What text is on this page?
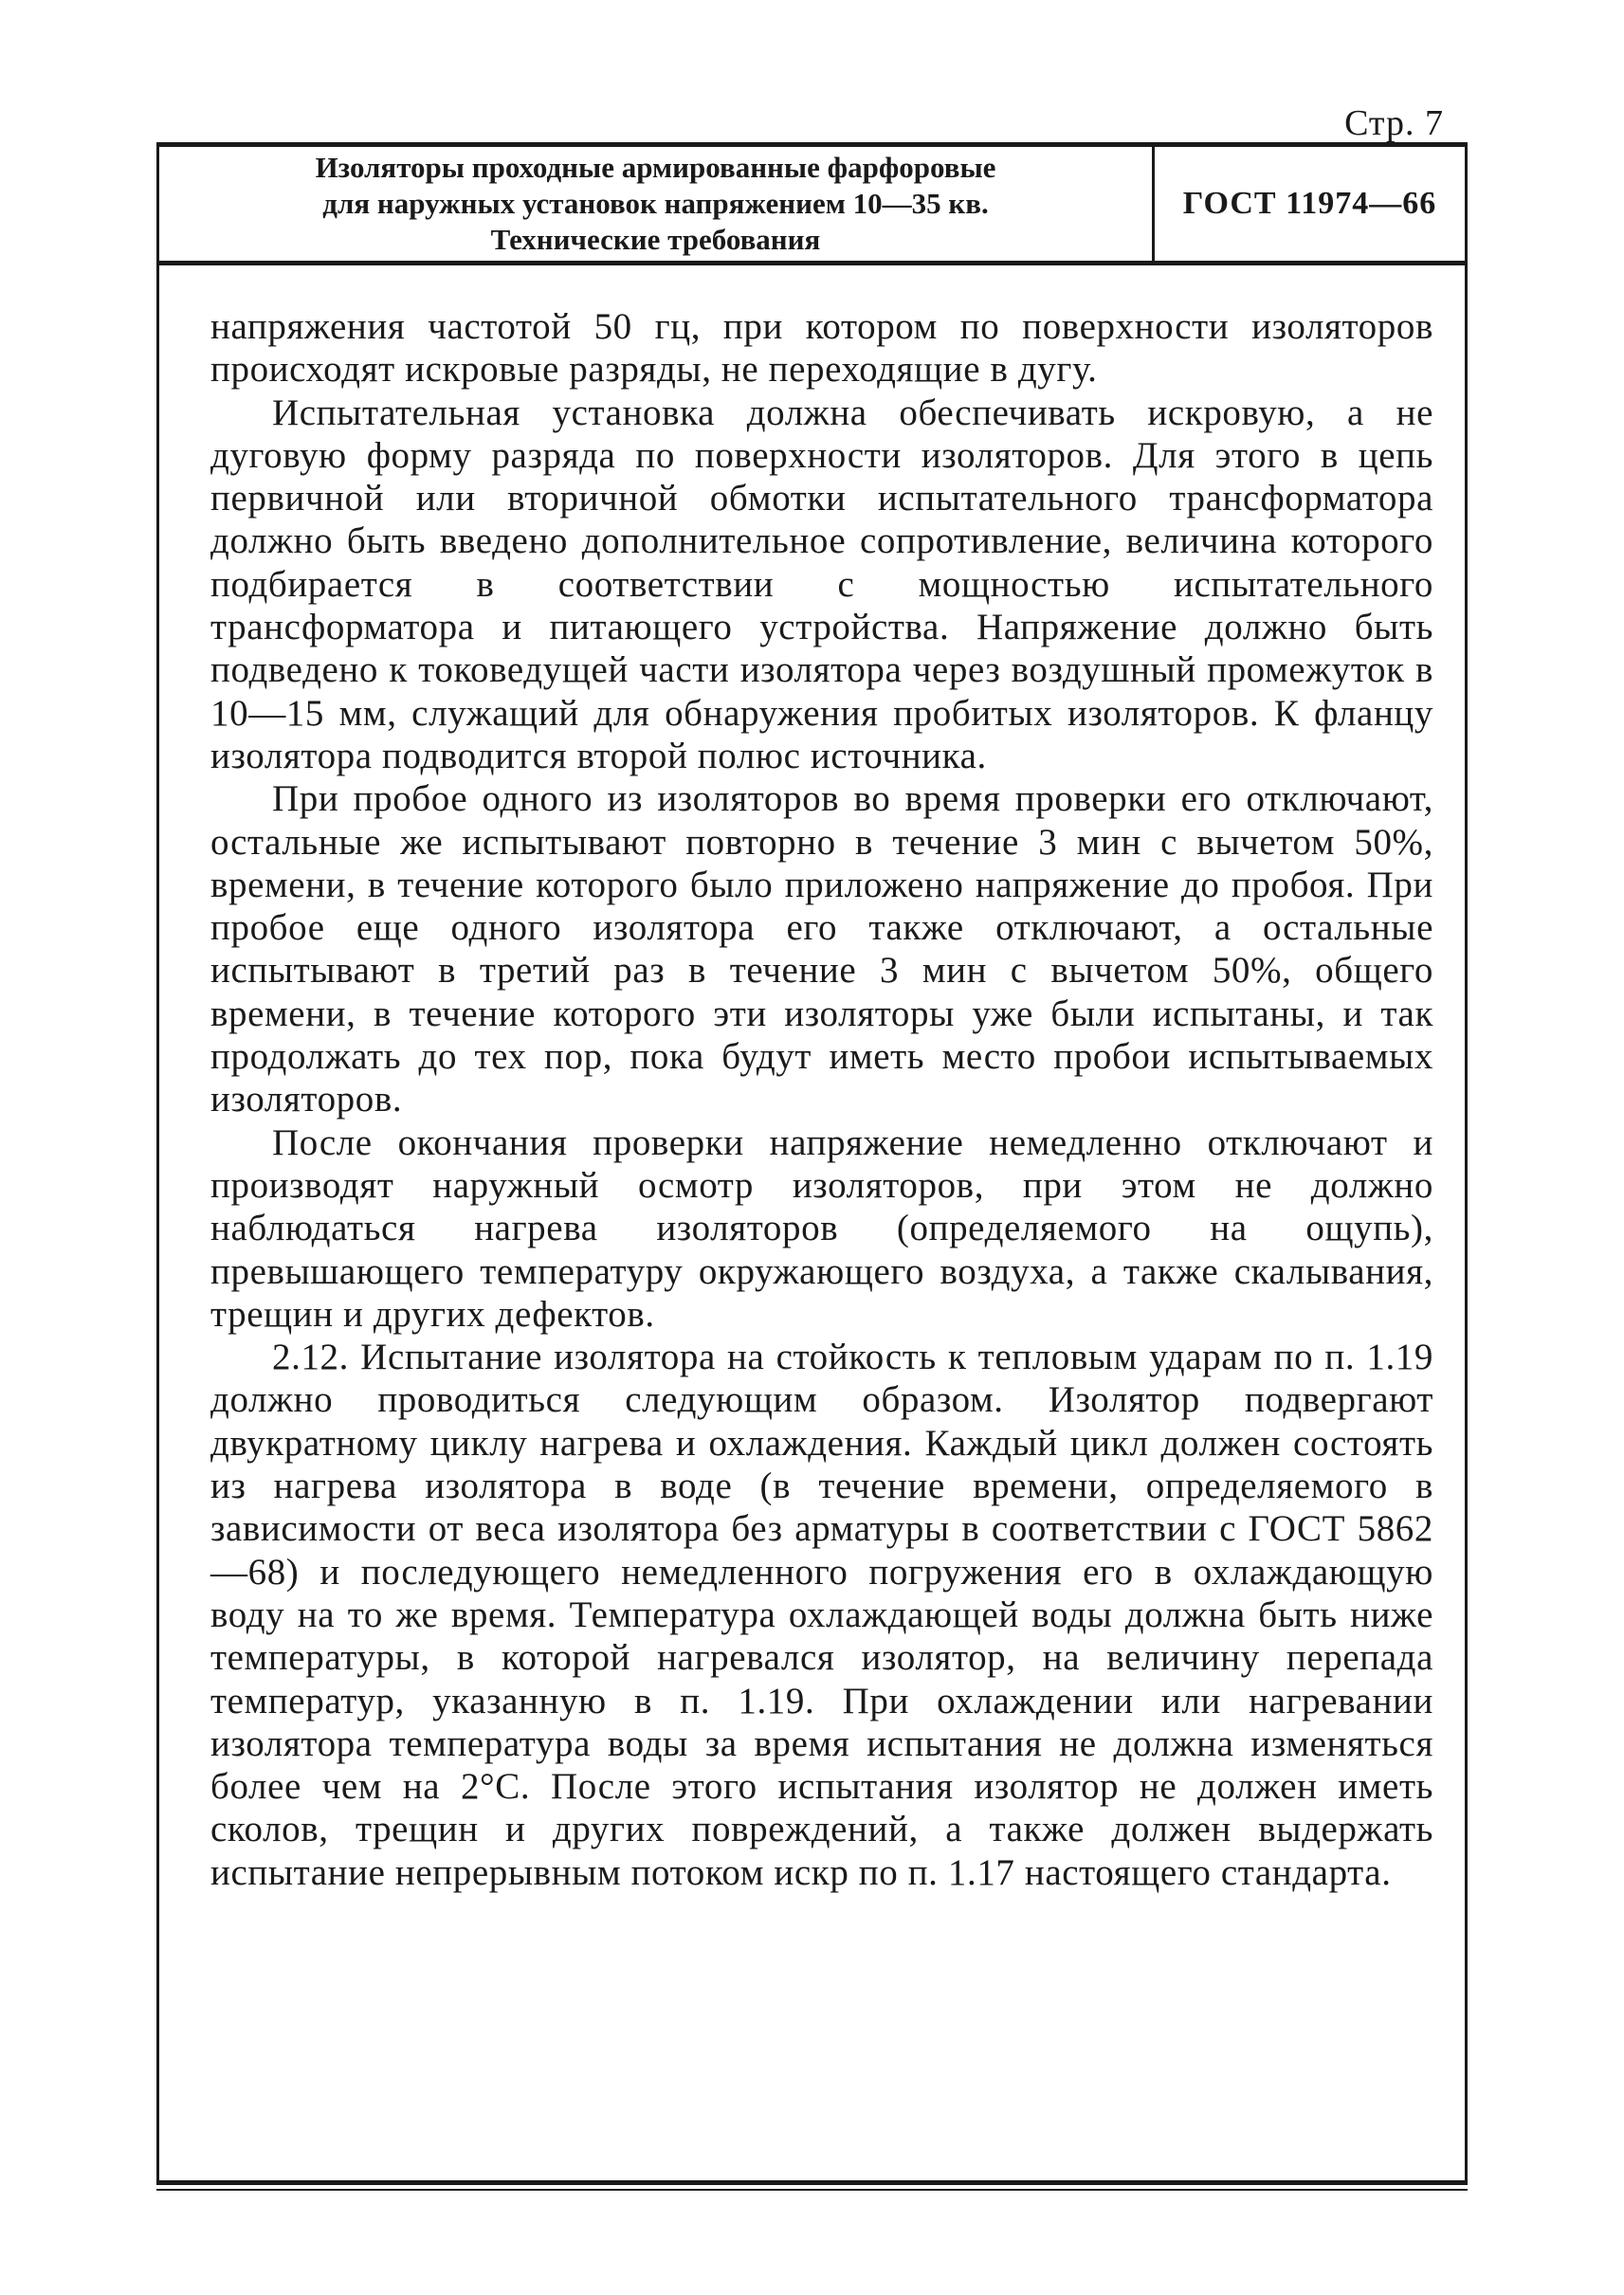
Стр. 7
Изоляторы проходные армированные фарфоровые
для наружных установок напряжением 10—35 кв.
Технические требования
ГОСТ 11974—66

напряжения частотой 50 гц, при котором по поверхности изоляторов происходят искровые разряды, не переходящие в дугу.

Испытательная установка должна обеспечивать искровую, а не дуговую форму разряда по поверхности изоляторов. Для этого в цепь первичной или вторичной обмотки испытательного трансформатора должно быть введено дополнительное сопротивление, величина которого подбирается в соответствии с мощностью испытательного трансформатора и питающего устройства. Напряжение должно быть подведено к токоведущей части изолятора через воздушный промежуток в 10—15 мм, служащий для обнаружения пробитых изоляторов. К фланцу изолятора подводится второй полюс источника.

При пробое одного из изоляторов во время проверки его отключают, остальные же испытывают повторно в течение 3 мин с вычетом 50%, времени, в течение которого было приложено напряжение до пробоя. При пробое еще одного изолятора его также отключают, а остальные испытывают в третий раз в течение 3 мин с вычетом 50%, общего времени, в течение которого эти изоляторы уже были испытаны, и так продолжать до тех пор, пока будут иметь место пробои испытываемых изоляторов.

После окончания проверки напряжение немедленно отключают и производят наружный осмотр изоляторов, при этом не должно наблюдаться нагрева изоляторов (определяемого на ощупь), превышающего температуру окружающего воздуха, а также скалывания, трещин и других дефектов.

2.12. Испытание изолятора на стойкость к тепловым ударам по п. 1.19 должно проводиться следующим образом. Изолятор подвергают двукратному циклу нагрева и охлаждения. Каждый цикл должен состоять из нагрева изолятора в воде (в течение времени, определяемого в зависимости от веса изолятора без арматуры в соответствии с ГОСТ 5862—68) и последующего немедленного погружения его в охлаждающую воду на то же время. Температура охлаждающей воды должна быть ниже температуры, в которой нагревался изолятор, на величину перепада температур, указанную в п. 1.19. При охлаждении или нагревании изолятора температура воды за время испытания не должна изменяться более чем на 2°С. После этого испытания изолятор не должен иметь сколов, трещин и других повреждений, а также должен выдержать испытание непрерывным потоком искр по п. 1.17 настоящего стандарта.
